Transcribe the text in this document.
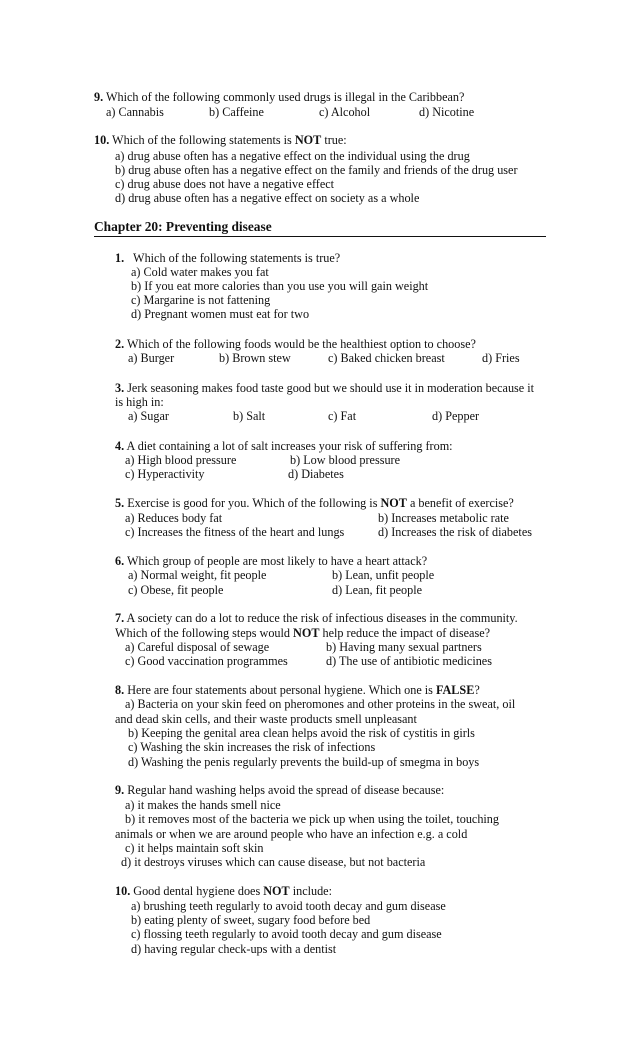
9. Which of the following commonly used drugs is illegal in the Caribbean?
a) Cannabis	b) Caffeine	c) Alcohol	d) Nicotine
10. Which of the following statements is NOT true:
a) drug abuse often has a negative effect on the individual using the drug
b) drug abuse often has a negative effect on the family and friends of the drug user
c) drug abuse does not have a negative effect
d) drug abuse often has a negative effect on society as a whole
Chapter 20: Preventing disease
1.   Which of the following statements is true?
a) Cold water makes you fat
b) If you eat more calories than you use you will gain weight
c) Margarine is not fattening
d) Pregnant women must eat for two
2. Which of the following foods would be the healthiest option to choose?
a) Burger	b) Brown stew	c) Baked chicken breast	d) Fries
3. Jerk seasoning makes food taste good but we should use it in moderation because it
is high in:
a) Sugar	b) Salt	c) Fat	d) Pepper
4. A diet containing a lot of salt increases your risk of suffering from:
a) High blood pressure	b) Low blood pressure
c) Hyperactivity	d) Diabetes
5. Exercise is good for you. Which of the following is NOT a benefit of exercise?
a) Reduces body fat	b) Increases metabolic rate
c) Increases the fitness of the heart and lungs	d) Increases the risk of diabetes
6. Which group of people are most likely to have a heart attack?
a) Normal weight, fit people	b) Lean, unfit people
c) Obese, fit people	d) Lean, fit people
7. A society can do a lot to reduce the risk of infectious diseases in the community.
Which of the following steps would NOT help reduce the impact of disease?
a) Careful disposal of sewage	b) Having many sexual partners
c) Good vaccination programmes	d) The use of antibiotic medicines
8. Here are four statements about personal hygiene. Which one is FALSE?
a) Bacteria on your skin feed on pheromones and other proteins in the sweat, oil
and dead skin cells, and their waste products smell unpleasant
b) Keeping the genital area clean helps avoid the risk of cystitis in girls
c) Washing the skin increases the risk of infections
d) Washing the penis regularly prevents the build-up of smegma in boys
9. Regular hand washing helps avoid the spread of disease because:
a) it makes the hands smell nice
b) it removes most of the bacteria we pick up when using the toilet, touching
animals or when we are around people who have an infection e.g. a cold
c) it helps maintain soft skin
d) it destroys viruses which can cause disease, but not bacteria
10. Good dental hygiene does NOT include:
a) brushing teeth regularly to avoid tooth decay and gum disease
b) eating plenty of sweet, sugary food before bed
c) flossing teeth regularly to avoid tooth decay and gum disease
d) having regular check-ups with a dentist
